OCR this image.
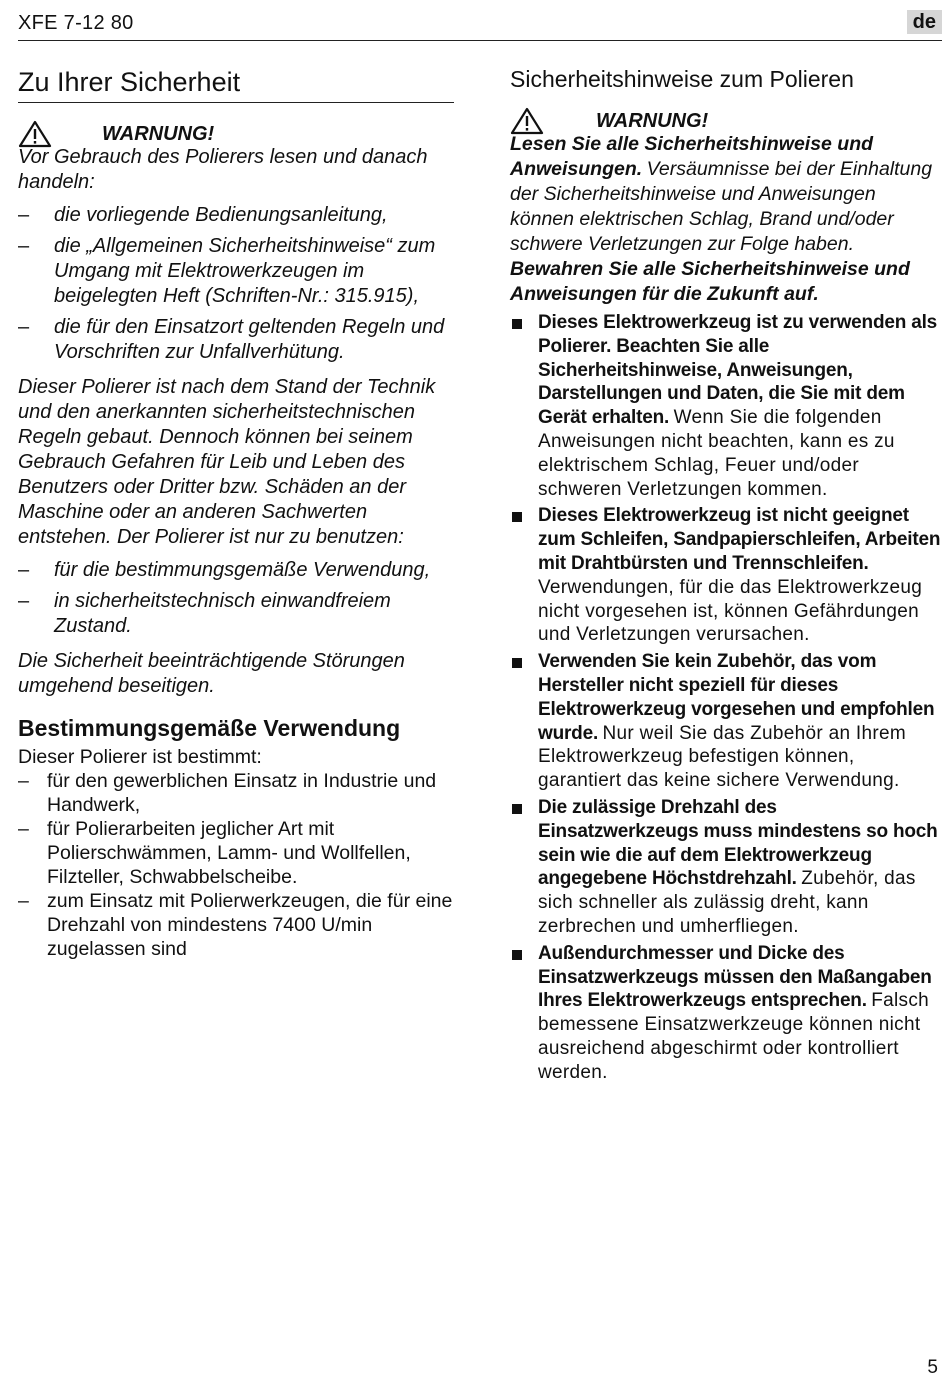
XFE 7-12 80	de
Zu Ihrer Sicherheit
WARNUNG!

Vor Gebrauch des Polierers lesen und danach handeln:

– die vorliegende Bedienungsanleitung,
– die „Allgemeinen Sicherheitshinweise“ zum Umgang mit Elektrowerkzeugen im beigelegten Heft (Schriften-Nr.: 315.915),
– die für den Einsatzort geltenden Regeln und Vorschriften zur Unfallverhütung.

Dieser Polierer ist nach dem Stand der Technik und den anerkannten sicherheitstechnischen Regeln gebaut. Dennoch können bei seinem Gebrauch Gefahren für Leib und Leben des Benutzers oder Dritter bzw. Schäden an der Maschine oder an anderen Sachwerten entstehen. Der Polierer ist nur zu benutzen:

– für die bestimmungsgemäße Verwendung,
– in sicherheitstechnisch einwandfreiem Zustand.

Die Sicherheit beeinträchtigende Störungen umgehend beseitigen.

Bestimmungsgemäße Verwendung

Dieser Polierer ist bestimmt:

– für den gewerblichen Einsatz in Industrie und Handwerk,
– für Polierarbeiten jeglicher Art mit Polierschwämmen, Lamm- und Wollfellen, Filzteller, Schwabbelscheibe.
– zum Einsatz mit Polierwerkzeugen, die für eine Drehzahl von mindestens 7400 U/min zugelassen sind
Sicherheitshinweise zum Polieren
WARNUNG!

Lesen Sie alle Sicherheitshinweise und Anweisungen. Versäumnisse bei der Einhaltung der Sicherheitshinweise und Anweisungen können elektrischen Schlag, Brand und/oder schwere Verletzungen zur Folge haben. Bewahren Sie alle Sicherheitshinweise und Anweisungen für die Zukunft auf.

Dieses Elektrowerkzeug ist zu verwenden als Polierer. Beachten Sie alle Sicherheitshinweise, Anweisungen, Darstellungen und Daten, die Sie mit dem Gerät erhalten. Wenn Sie die folgenden Anweisungen nicht beachten, kann es zu elektrischem Schlag, Feuer und/oder schweren Verletzungen kommen.
Dieses Elektrowerkzeug ist nicht geeignet zum Schleifen, Sandpapierschleifen, Arbeiten mit Drahtbürsten und Trennschleifen. Verwendungen, für die das Elektrowerkzeug nicht vorgesehen ist, können Gefährdungen und Verletzungen verursachen.
Verwenden Sie kein Zubehör, das vom Hersteller nicht speziell für dieses Elektrowerkzeug vorgesehen und empfohlen wurde. Nur weil Sie das Zubehör an Ihrem Elektrowerkzeug befestigen können, garantiert das keine sichere Verwendung.
Die zulässige Drehzahl des Einsatzwerkzeugs muss mindestens so hoch sein wie die auf dem Elektrowerkzeug angegebene Höchstdrehzahl. Zubehör, das sich schneller als zulässig dreht, kann zerbrechen und umherfliegen.
Außendurchmesser und Dicke des Einsatzwerkzeugs müssen den Maßangaben Ihres Elektrowerkzeugs entsprechen. Falsch bemessene Einsatzwerkzeuge können nicht ausreichend abgeschirmt oder kontrolliert werden.
5
